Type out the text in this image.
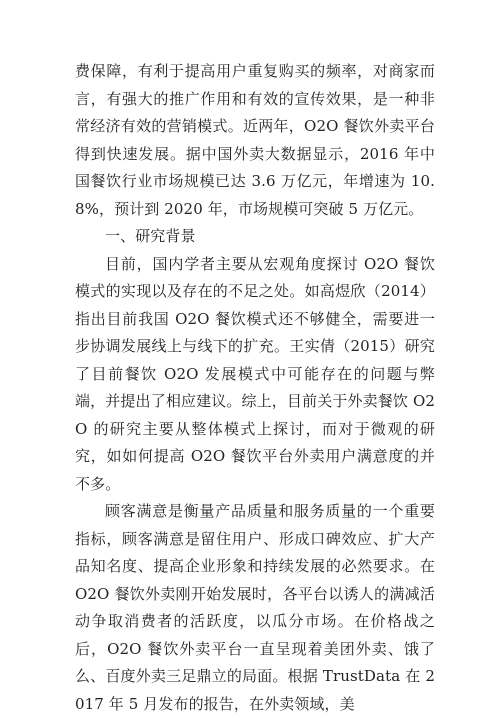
费保障，有利于提高用户重复购买的频率，对商家而言，有强大的推广作用和有效的宣传效果，是一种非常经济有效的营销模式。近两年，O2O 餐饮外卖平台得到快速发展。据中国外卖大数据显示，2016 年中国餐饮行业市场规模已达 3.6 万亿元，年增速为 10.8%，预计到 2020 年，市场规模可突破 5 万亿元。

一、研究背景

目前，国内学者主要从宏观角度探讨 O2O 餐饮模式的实现以及存在的不足之处。如高煜欣（2014）指出目前我国 O2O 餐饮模式还不够健全，需要进一步协调发展线上与线下的扩充。王实倩（2015）研究了目前餐饮 O2O 发展模式中可能存在的问题与弊端，并提出了相应建议。综上，目前关于外卖餐饮 O2O 的研究主要从整体模式上探讨，而对于微观的研究，如如何提高 O2O 餐饮平台外卖用户满意度的并不多。

顾客满意是衡量产品质量和服务质量的一个重要指标，顾客满意是留住用户、形成口碑效应、扩大产品知名度、提高企业形象和持续发展的必然要求。在 O2O 餐饮外卖刚开始发展时，各平台以诱人的满减活动争取消费者的活跃度，以瓜分市场。在价格战之后，O2O 餐饮外卖平台一直呈现着美团外卖、饿了么、百度外卖三足鼎立的局面。根据 TrustData 在 2017 年 5 月发布的报告，在外卖领域，美
